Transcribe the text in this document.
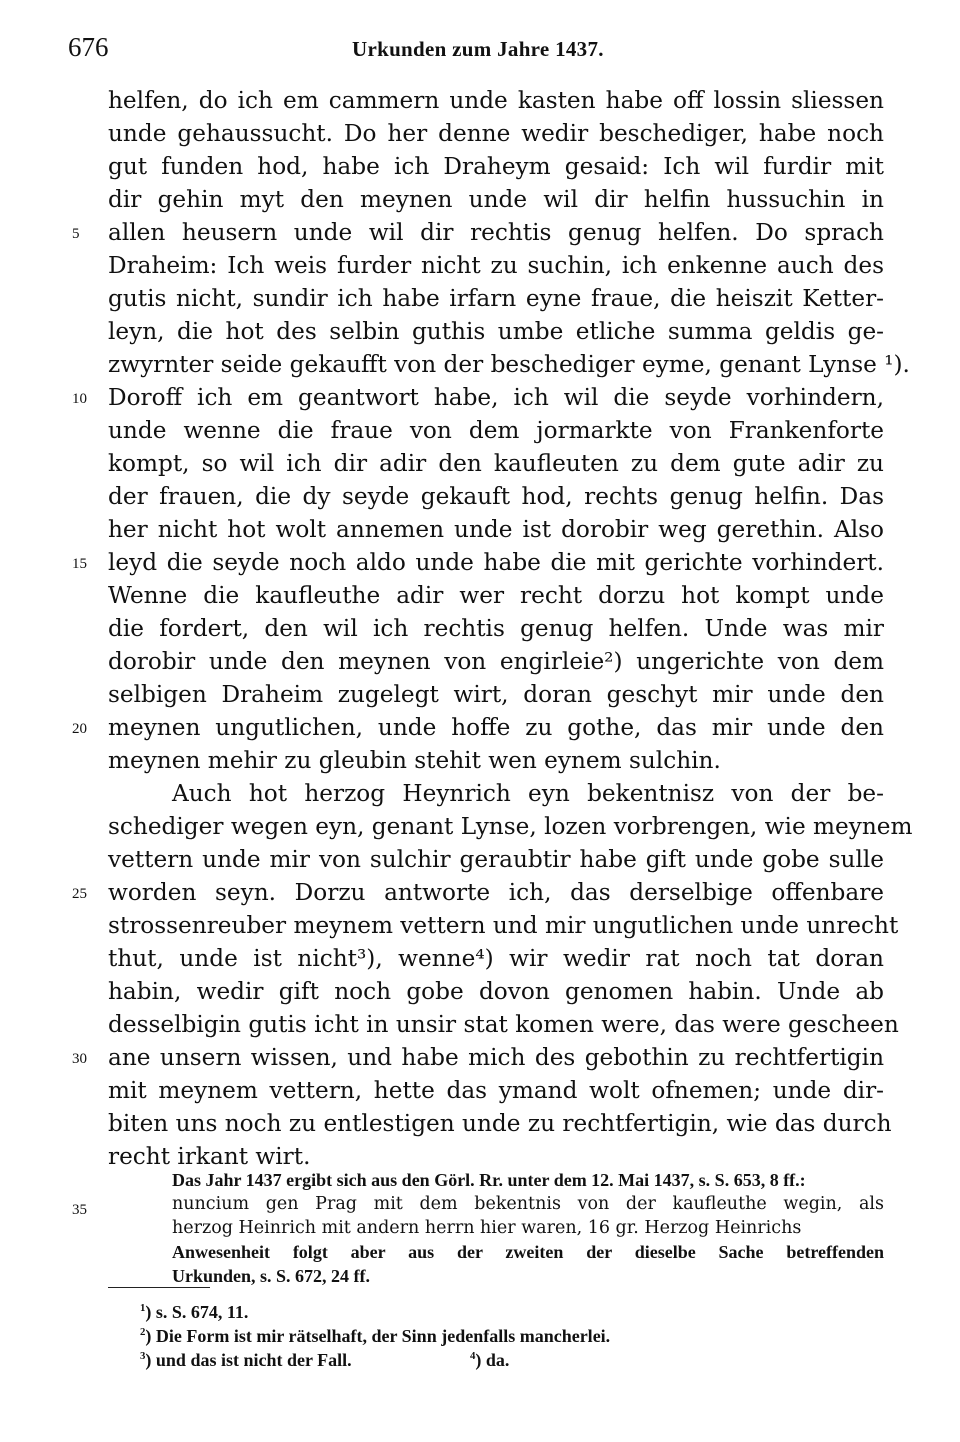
676	Urkunden zum Jahre 1437.
helfen, do ich em cammern unde kasten habe off lossin sliessen
unde gehaussucht. Do her denne wedir beschediger, habe noch
gut funden hod, habe ich Draheym gesaid: Ich wil furdir mit
dir gehin myt den meynen unde wil dir helfin hussuchin in
allen heusern unde wil dir rechtis genug helfen. Do sprach
Draheim: Ich weis furder nicht zu suchin, ich enkenne auch des
gutis nicht, sundir ich habe irfarn eyne fraue, die heiszit Ketter-
leyn, die hot des selbin guthis umbe etliche summa geldis ge-
zwyrnter seide gekaufft von der beschediger eyme, genant Lynse ¹).
Doroff ich em geantwort habe, ich wil die seyde vorhindern,
unde wenne die fraue von dem jormarkte von Frankenforte
kompt, so wil ich dir adir den kaufleuten zu dem gute adir zu
der frauen, die dy seyde gekauft hod, rechts genug helfin. Das
her nicht hot wolt annemen unde ist dorobir weg gerethin. Also
leyd die seyde noch aldo unde habe die mit gerichte vorhindert.
Wenne die kaufleuthe adir wer recht dorzu hot kompt unde
die fordert, den wil ich rechtis genug helfen. Unde was mir
dorobir unde den meynen von engirleie²) ungerichte von dem
selbigen Draheim zugelegt wirt, doran geschyt mir unde den
meynen ungutlichen, unde hoffe zu gothe, das mir unde den
meynen mehir zu gleubin stehit wen eynem sulchin.
Auch hot herzog Heynrich eyn bekentnisz von der be-
schediger wegen eyn, genant Lynse, lozen vorbrengen, wie meynem
vettern unde mir von sulchir geraubtir habe gift unde gobe sulle
worden seyn. Dorzu antworte ich, das derselbige offenbare
strossenreuber meynem vettern und mir ungutlichen unde unrecht
thut, unde ist nicht³), wenne⁴) wir wedir rat noch tat doran
habin, wedir gift noch gobe dovon genomen habin. Unde ab
desselbigin gutis icht in unsir stat komen were, das were gescheen
ane unsern wissen, und habe mich des gebothin zu rechtfertigin
mit meynem vettern, hette das ymand wolt ofnemen; unde dir-
biten uns noch zu entlestigen unde zu rechtfertigin, wie das durch
recht irkant wirt.
5
10
15
20
25
30
35
Das Jahr 1437 ergibt sich aus den Görl. Rr. unter dem 12. Mai 1437, s. S. 653, 8 ff.:
nuncium gen Prag mit dem bekentnis von der kaufleuthe wegin, als
herzog Heinrich mit andern herrn hier waren, 16 gr. Herzog Heinrichs
Anwesenheit folgt aber aus der zweiten der dieselbe Sache betreffenden
Urkunden, s. S. 672, 24 ff.
$^1$) s. S. 674, 11.
$^2$) Die Form ist mir rätselhaft, der Sinn jedenfalls mancherlei.
$^3$) und das ist nicht der Fall.	$^4$) da.
